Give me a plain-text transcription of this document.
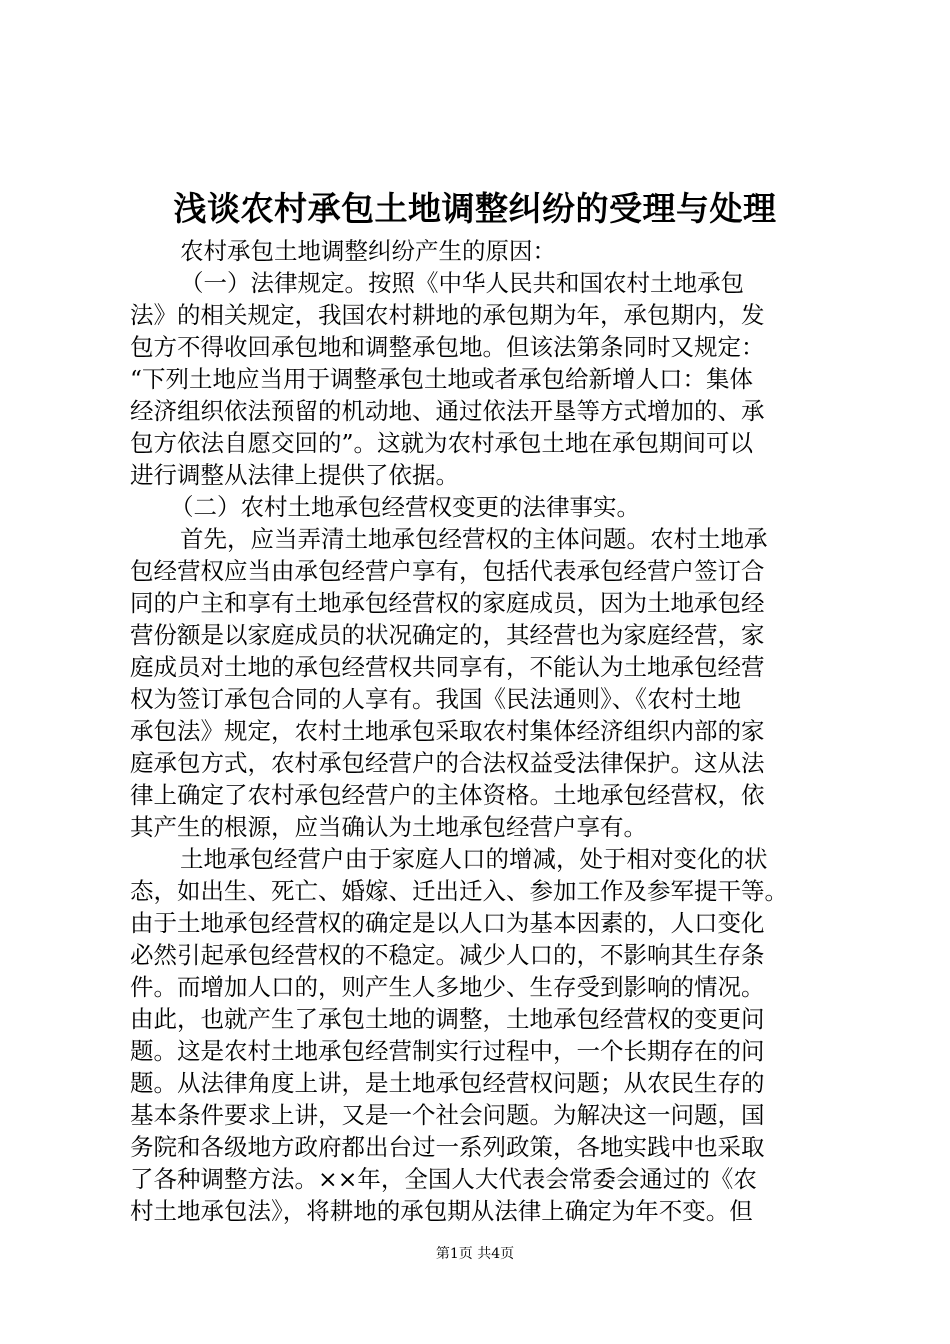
浅谈农村承包土地调整纠纷的受理与处理
农村承包土地调整纠纷产生的原因：
（一）法律规定。按照《中华人民共和国农村土地承包
法》的相关规定，我国农村耕地的承包期为年，承包期内，发
包方不得收回承包地和调整承包地。但该法第条同时又规定：
“下列土地应当用于调整承包土地或者承包给新增人口：集体
经济组织依法预留的机动地、通过依法开垦等方式增加的、承
包方依法自愿交回的”。这就为农村承包土地在承包期间可以
进行调整从法律上提供了依据。
（二）农村土地承包经营权变更的法律事实。
首先，应当弄清土地承包经营权的主体问题。农村土地承
包经营权应当由承包经营户享有，包括代表承包经营户签订合
同的户主和享有土地承包经营权的家庭成员，因为土地承包经
营份额是以家庭成员的状况确定的，其经营也为家庭经营，家
庭成员对土地的承包经营权共同享有，不能认为土地承包经营
权为签订承包合同的人享有。我国《民法通则》、《农村土地
承包法》规定，农村土地承包采取农村集体经济组织内部的家
庭承包方式，农村承包经营户的合法权益受法律保护。这从法
律上确定了农村承包经营户的主体资格。土地承包经营权，依
其产生的根源，应当确认为土地承包经营户享有。
土地承包经营户由于家庭人口的增减，处于相对变化的状
态，如出生、死亡、婚嫁、迁出迁入、参加工作及参军提干等。
由于土地承包经营权的确定是以人口为基本因素的，人口变化
必然引起承包经营权的不稳定。减少人口的，不影响其生存条
件。而增加人口的，则产生人多地少、生存受到影响的情况。
由此，也就产生了承包土地的调整，土地承包经营权的变更问
题。这是农村土地承包经营制实行过程中，一个长期存在的问
题。从法律角度上讲，是土地承包经营权问题；从农民生存的
基本条件要求上讲，又是一个社会问题。为解决这一问题，国
务院和各级地方政府都出台过一系列政策，各地实践中也采取
了各种调整方法。××年，全国人大代表会常委会通过的《农
村土地承包法》，将耕地的承包期从法律上确定为年不变。但
第1页 共4页
